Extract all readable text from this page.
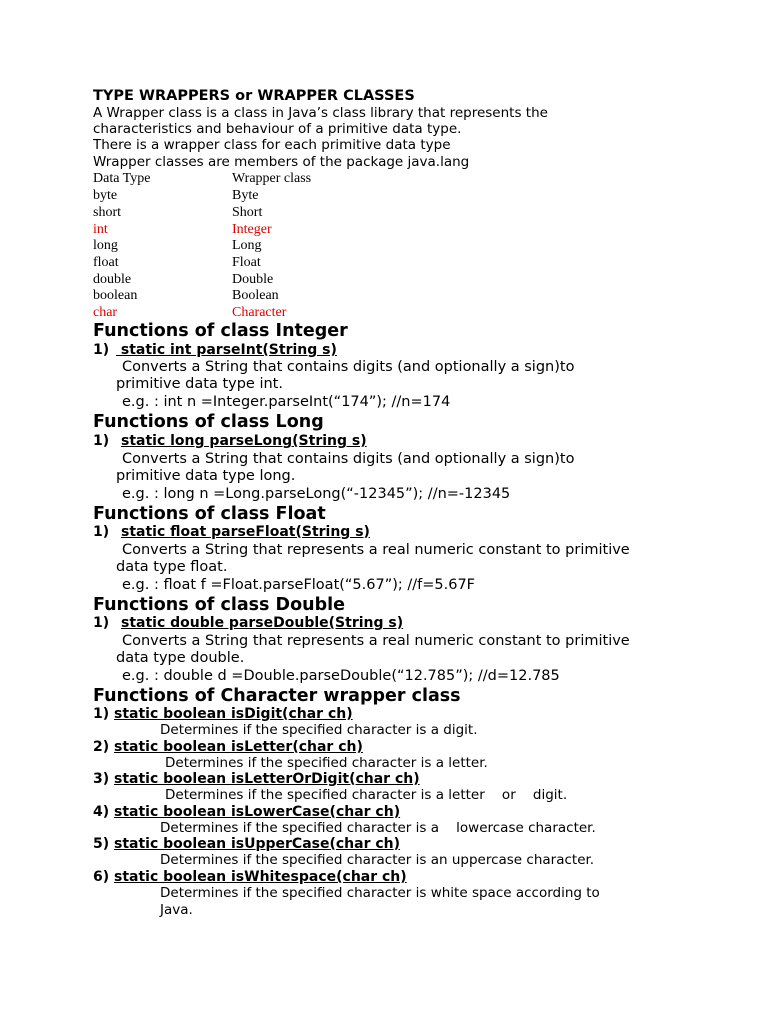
TYPE WRAPPERS or WRAPPER CLASSES
A Wrapper class is a class in Java’s class library that represents the
characteristics and behaviour of a primitive data type.
There is a wrapper class for each primitive data type
Wrapper classes are members of the package java.lang
Data Type	Wrapper class
byte	Byte
short	Short
int	Integer
long	Long
float	Float
double	Double
boolean	Boolean
char	Character
Functions of class Integer
1) static int parseInt(String s)
Converts a String that contains digits (and optionally a sign)to
primitive data type int.
e.g. : int n =Integer.parseInt(“174”); //n=174
Functions of class Long
1) static long parseLong(String s)
Converts a String that contains digits (and optionally a sign)to
primitive data type long.
e.g. : long n =Long.parseLong(“-12345”); //n=-12345
Functions of class Float
1) static float parseFloat(String s)
Converts a String that represents a real numeric constant to primitive
data type float.
e.g. : float f =Float.parseFloat(“5.67”); //f=5.67F
Functions of class Double
1) static double parseDouble(String s)
Converts a String that represents a real numeric constant to primitive
data type double.
e.g. : double d =Double.parseDouble(“12.785”); //d=12.785
Functions of Character wrapper class
1) static boolean isDigit(char ch)
Determines if the specified character is a digit.
2) static boolean isLetter(char ch)
Determines if the specified character is a letter.
3) static boolean isLetterOrDigit(char ch)
Determines if the specified character is a letter    or    digit.
4) static boolean isLowerCase(char ch)
Determines if the specified character is a    lowercase character.
5) static boolean isUpperCase(char ch)
Determines if the specified character is an uppercase character.
6) static boolean isWhitespace(char ch)
Determines if the specified character is white space according to
Java.
